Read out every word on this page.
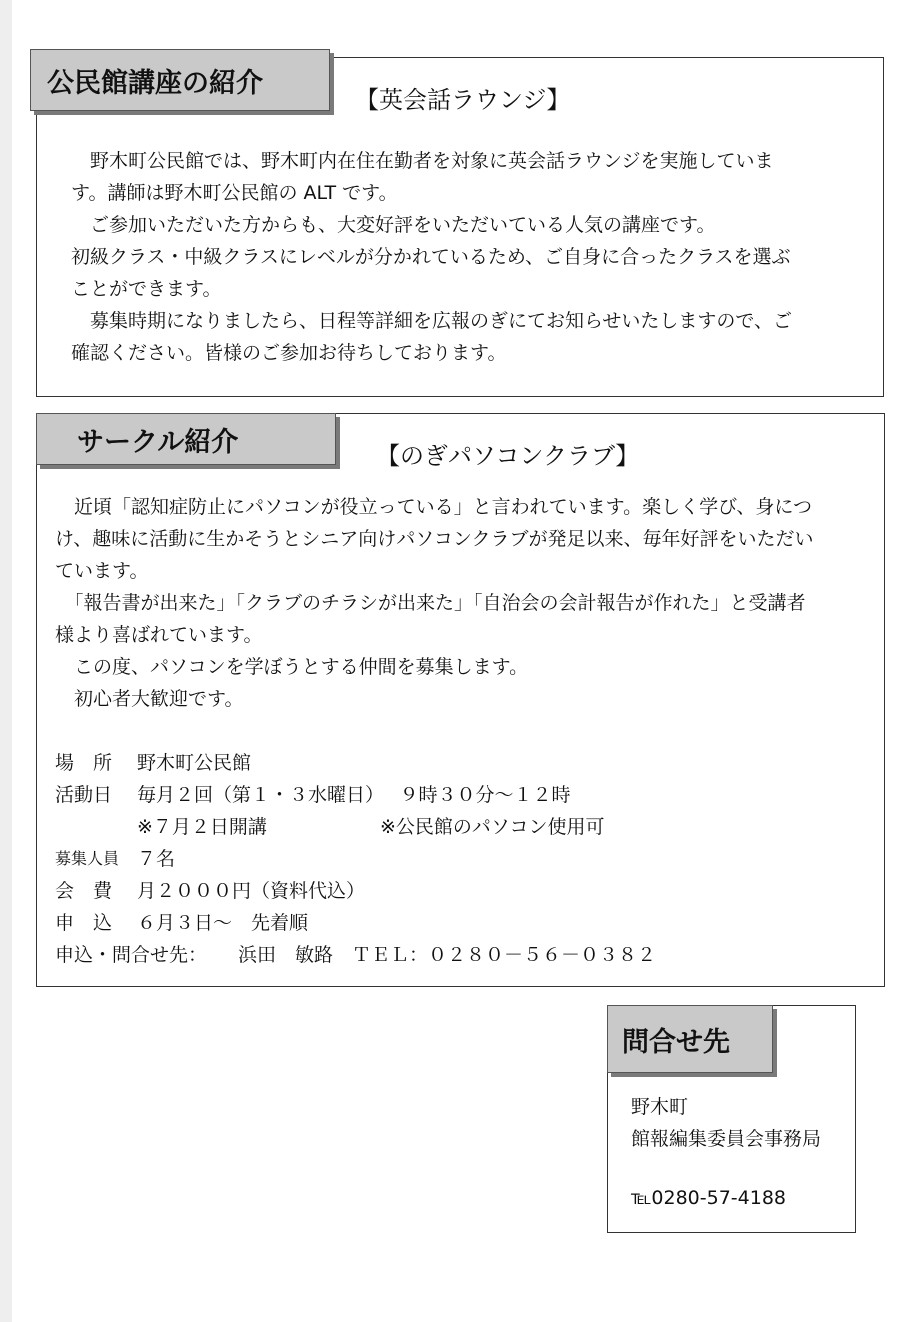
公民館講座の紹介
【英会話ラウンジ】
　野木町公民館では、野木町内在住在勤者を対象に英会話ラウンジを実施していま
す。講師は野木町公民館の ALT です。
　ご参加いただいた方からも、大変好評をいただいている人気の講座です。
初級クラス・中級クラスにレベルが分かれているため、ご自身に合ったクラスを選ぶ
ことができます。
　募集時期になりましたら、日程等詳細を広報のぎにてお知らせいたしますので、ご
確認ください。皆様のご参加お待ちしております。
サークル紹介	【のぎパソコンクラブ】
　近頃「認知症防止にパソコンが役立っている」と言われています。楽しく学び、身につ
け、趣味に活動に生かそうとシニア向けパソコンクラブが発足以来、毎年好評をいただい
ています。
　「報告書が出来た」「クラブのチラシが出来た」「自治会の会計報告が作れた」と受講者
様より喜ばれています。
　この度、パソコンを学ぼうとする仲間を募集します。
　初心者大歓迎です。
場　所 野木町公民館
活動日 毎月２回（第１・３水曜日）　 ９時３０分～１２時
※７月２日開講	※公民館のパソコン使用可
募集人員 ７名
会　費 月２０００円（資料代込）
申　込 ６月３日～　先着順
申込・問合せ先： 浜田　敏路　ＴＥＬ：０２８０－５６－０３８２
問合せ先
野木町
館報編集委員会事務局
℡0280-57-4188
